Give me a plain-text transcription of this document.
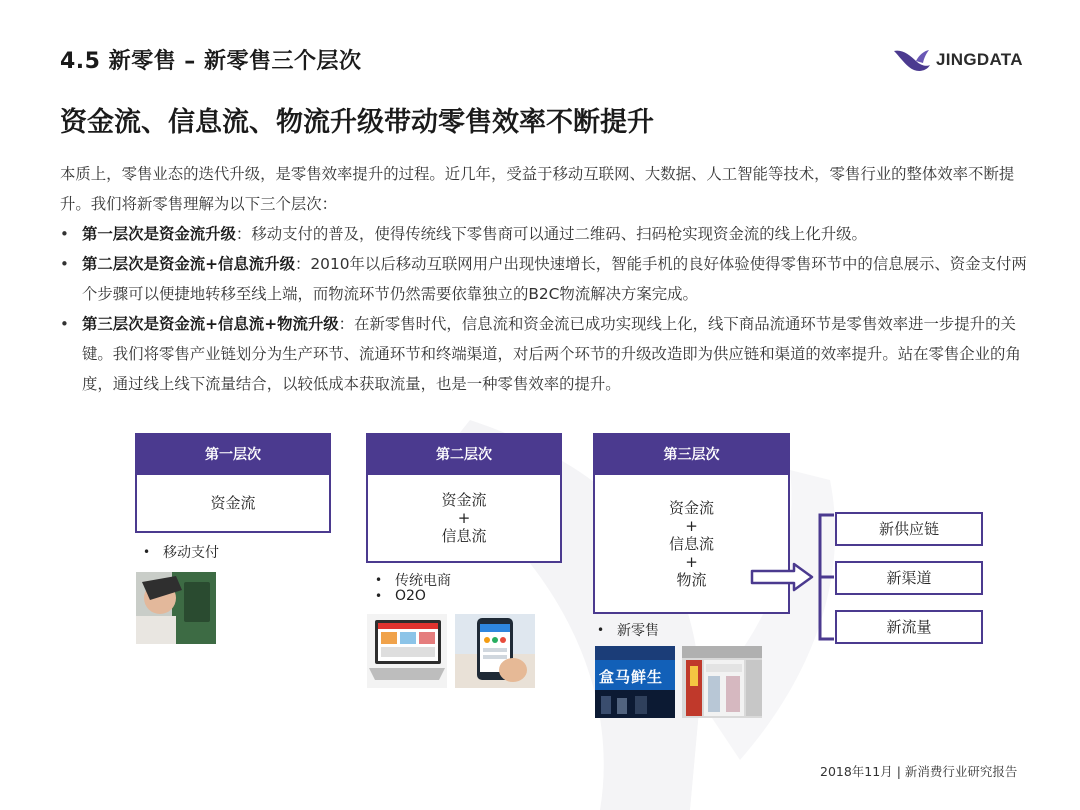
4.5 新零售 – 新零售三个层次	JINGDATA
资金流、信息流、物流升级带动零售效率不断提升

本质上，零售业态的迭代升级，是零售效率提升的过程。近几年，受益于移动互联网、大数据、人工智能等技术，零售行业的整体效率不断提升。我们将新零售理解为以下三个层次：

• 第一层次是资金流升级：移动支付的普及，使得传统线下零售商可以通过二维码、扫码枪实现资金流的线上化升级。
• 第二层次是资金流+信息流升级：2010年以后移动互联网用户出现快速增长，智能手机的良好体验使得零售环节中的信息展示、资金支付两个步骤可以便捷地转移至线上端，而物流环节仍然需要依靠独立的B2C物流解决方案完成。
• 第三层次是资金流+信息流+物流升级：在新零售时代，信息流和资金流已成功实现线上化，线下商品流通环节是零售效率进一步提升的关键。我们将零售产业链划分为生产环节、流通环节和终端渠道，对后两个环节的升级改造即为供应链和渠道的效率提升。站在零售企业的角度，通过线上线下流量结合，以较低成本获取流量，也是一种零售效率的提升。
第一层次
资金流
第二层次
资金流
+
信息流
第三层次
资金流
+
信息流
+
物流
新供应链
新渠道
新流量
• 移动支付
• 传统电商
• O2O
• 新零售
盒马鲜生
2018年11月 | 新消费行业研究报告
